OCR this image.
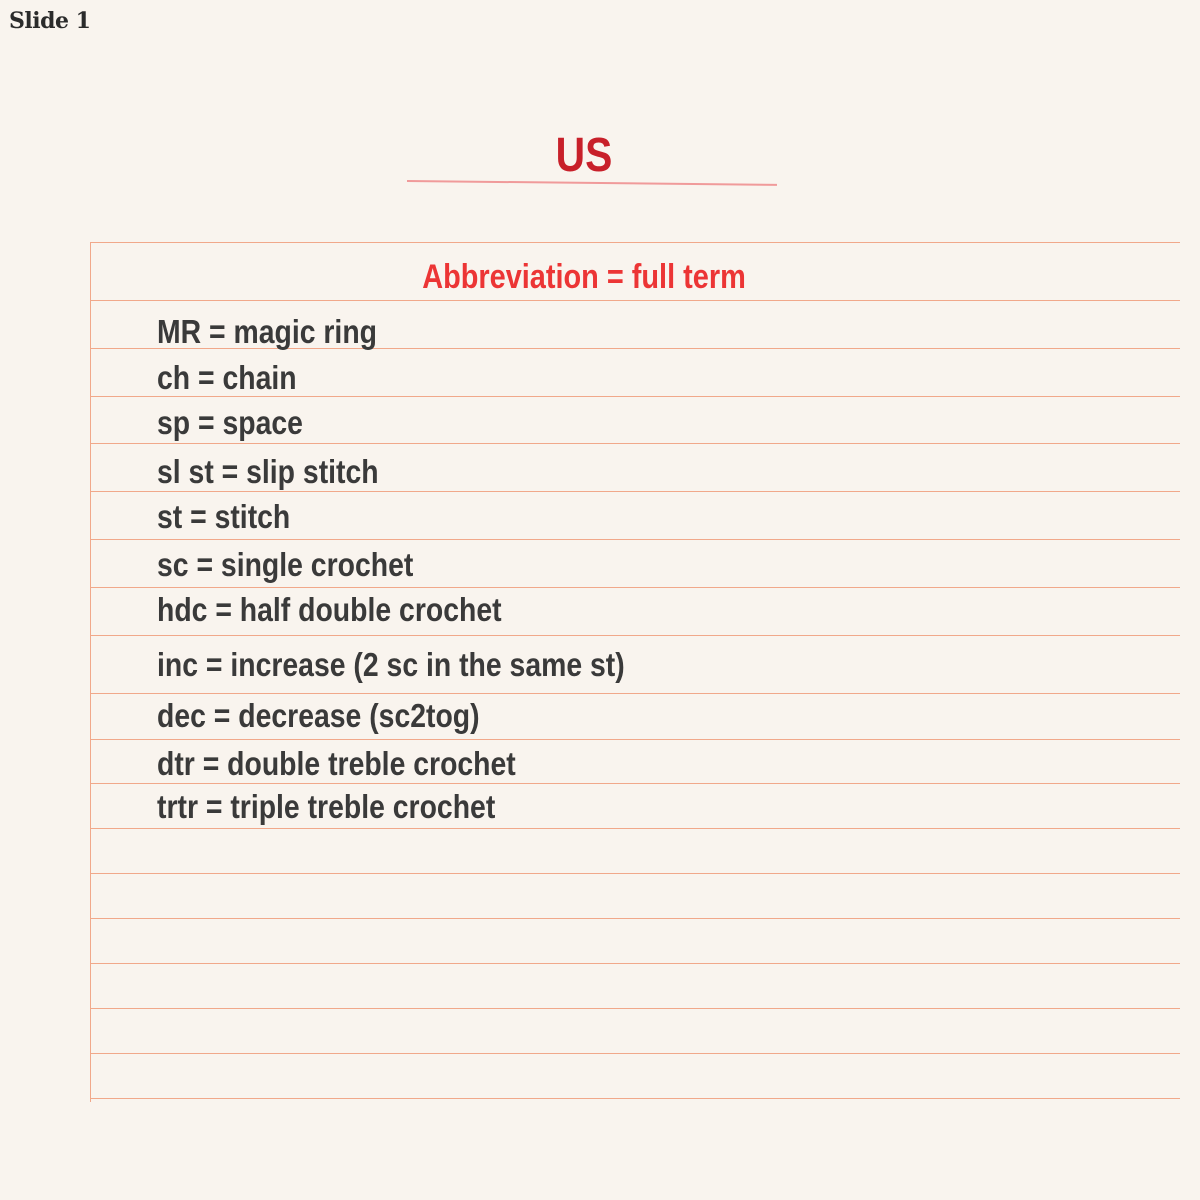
Slide 1
US
Abbreviation = full term
MR = magic ring
ch = chain
sp = space
sl st = slip stitch
st = stitch
sc = single crochet
hdc = half double crochet
inc = increase (2 sc in the same st)
dec = decrease (sc2tog)
dtr = double treble crochet
trtr = triple treble crochet
